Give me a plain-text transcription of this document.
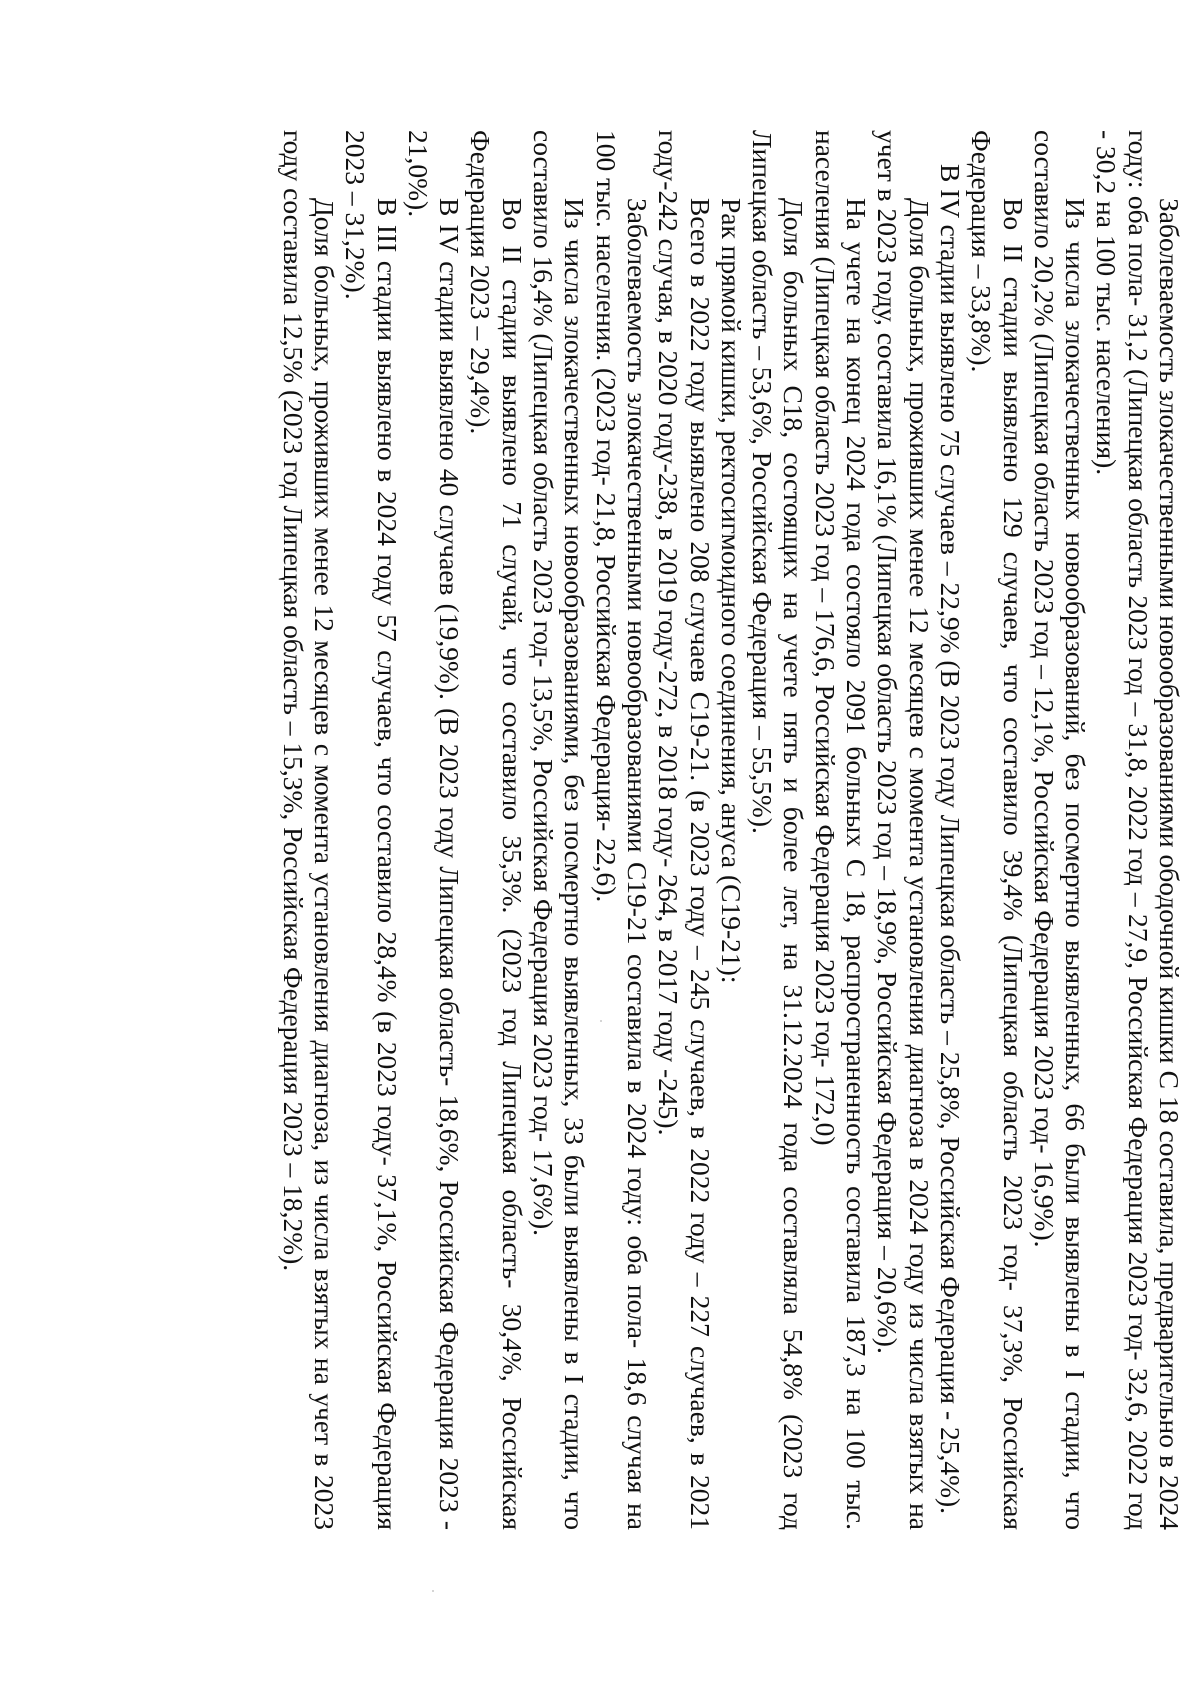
Заболеваемость злокачественными новообразованиями ободочной кишки С 18 составила, предварительно в 2024 году: оба пола- 31,2 (Липецкая область 2023 год – 31,8, 2022 год – 27,9, Российская Федерация 2023 год- 32,6, 2022 год - 30,2 на 100 тыс. населения).

Из числа злокачественных новообразований, без посмертно выявленных, 66 были выявлены в I стадии, что составило 20,2% (Липецкая область 2023 год – 12,1%, Российская Федерация 2023 год- 16,9%).

Во II стадии выявлено 129 случаев, что составило 39,4% (Липецкая область 2023 год- 37,3%, Российская Федерация – 33,8%).

В IV стадии выявлено 75 случаев – 22,9% (В 2023 году Липецкая область – 25,8%, Российская Федерация - 25,4%).

Доля больных, проживших менее 12 месяцев с момента установления диагноза в 2024 году из числа взятых на учет в 2023 году, составила 16,1% (Липецкая область 2023 год – 18,9%, Российская Федерация – 20,6%).

На учете на конец 2024 года состояло 2091 больных С 18, распространенность составила 187,3 на 100 тыс. населения (Липецкая область 2023 год – 176,6, Российская Федерация 2023 год- 172,0)

Доля больных С18, состоящих на учете пять и более лет, на 31.12.2024 года составляла 54,8% (2023 год Липецкая область – 53,6%, Российская Федерация – 55,5%).

Рак прямой кишки, ректосигмоидного соединения, ануса (С19-21):

Всего в 2022 году выявлено 208 случаев С19-21. (в 2023 году – 245 случаев, в 2022 году – 227 случаев, в 2021 году-242 случая, в 2020 году-238, в 2019 году-272, в 2018 году- 264, в 2017 году -245).

Заболеваемость злокачественными новообразованиями С19-21 составила в 2024 году: оба пола- 18,6 случая на 100 тыс. населения. (2023 год- 21,8, Российская Федерация- 22,6).

Из числа злокачественных новообразованиями, без посмертно выявленных, 33 были выявлены в I стадии, что составило 16,4% (Липецкая область 2023 год- 13,5%, Российская Федерация 2023 год- 17,6%).

Во II стадии выявлено 71 случай, что составило 35,3%. (2023 год Липецкая область- 30,4%, Российская Федерация 2023 – 29,4%).

В IV стадии выявлено 40 случаев (19,9%). (В 2023 году Липецкая область- 18,6%, Российская Федерация 2023 - 21,0%).

В III стадии выявлено в 2024 году 57 случаев, что составило 28,4% (в 2023 году- 37,1%, Российская Федерация 2023 – 31,2%).

Доля больных, проживших менее 12 месяцев с момента установления диагноза, из числа взятых на учет в 2023 году составила 12,5% (2023 год Липецкая область – 15,3%, Российская Федерация 2023 – 18,2%).
